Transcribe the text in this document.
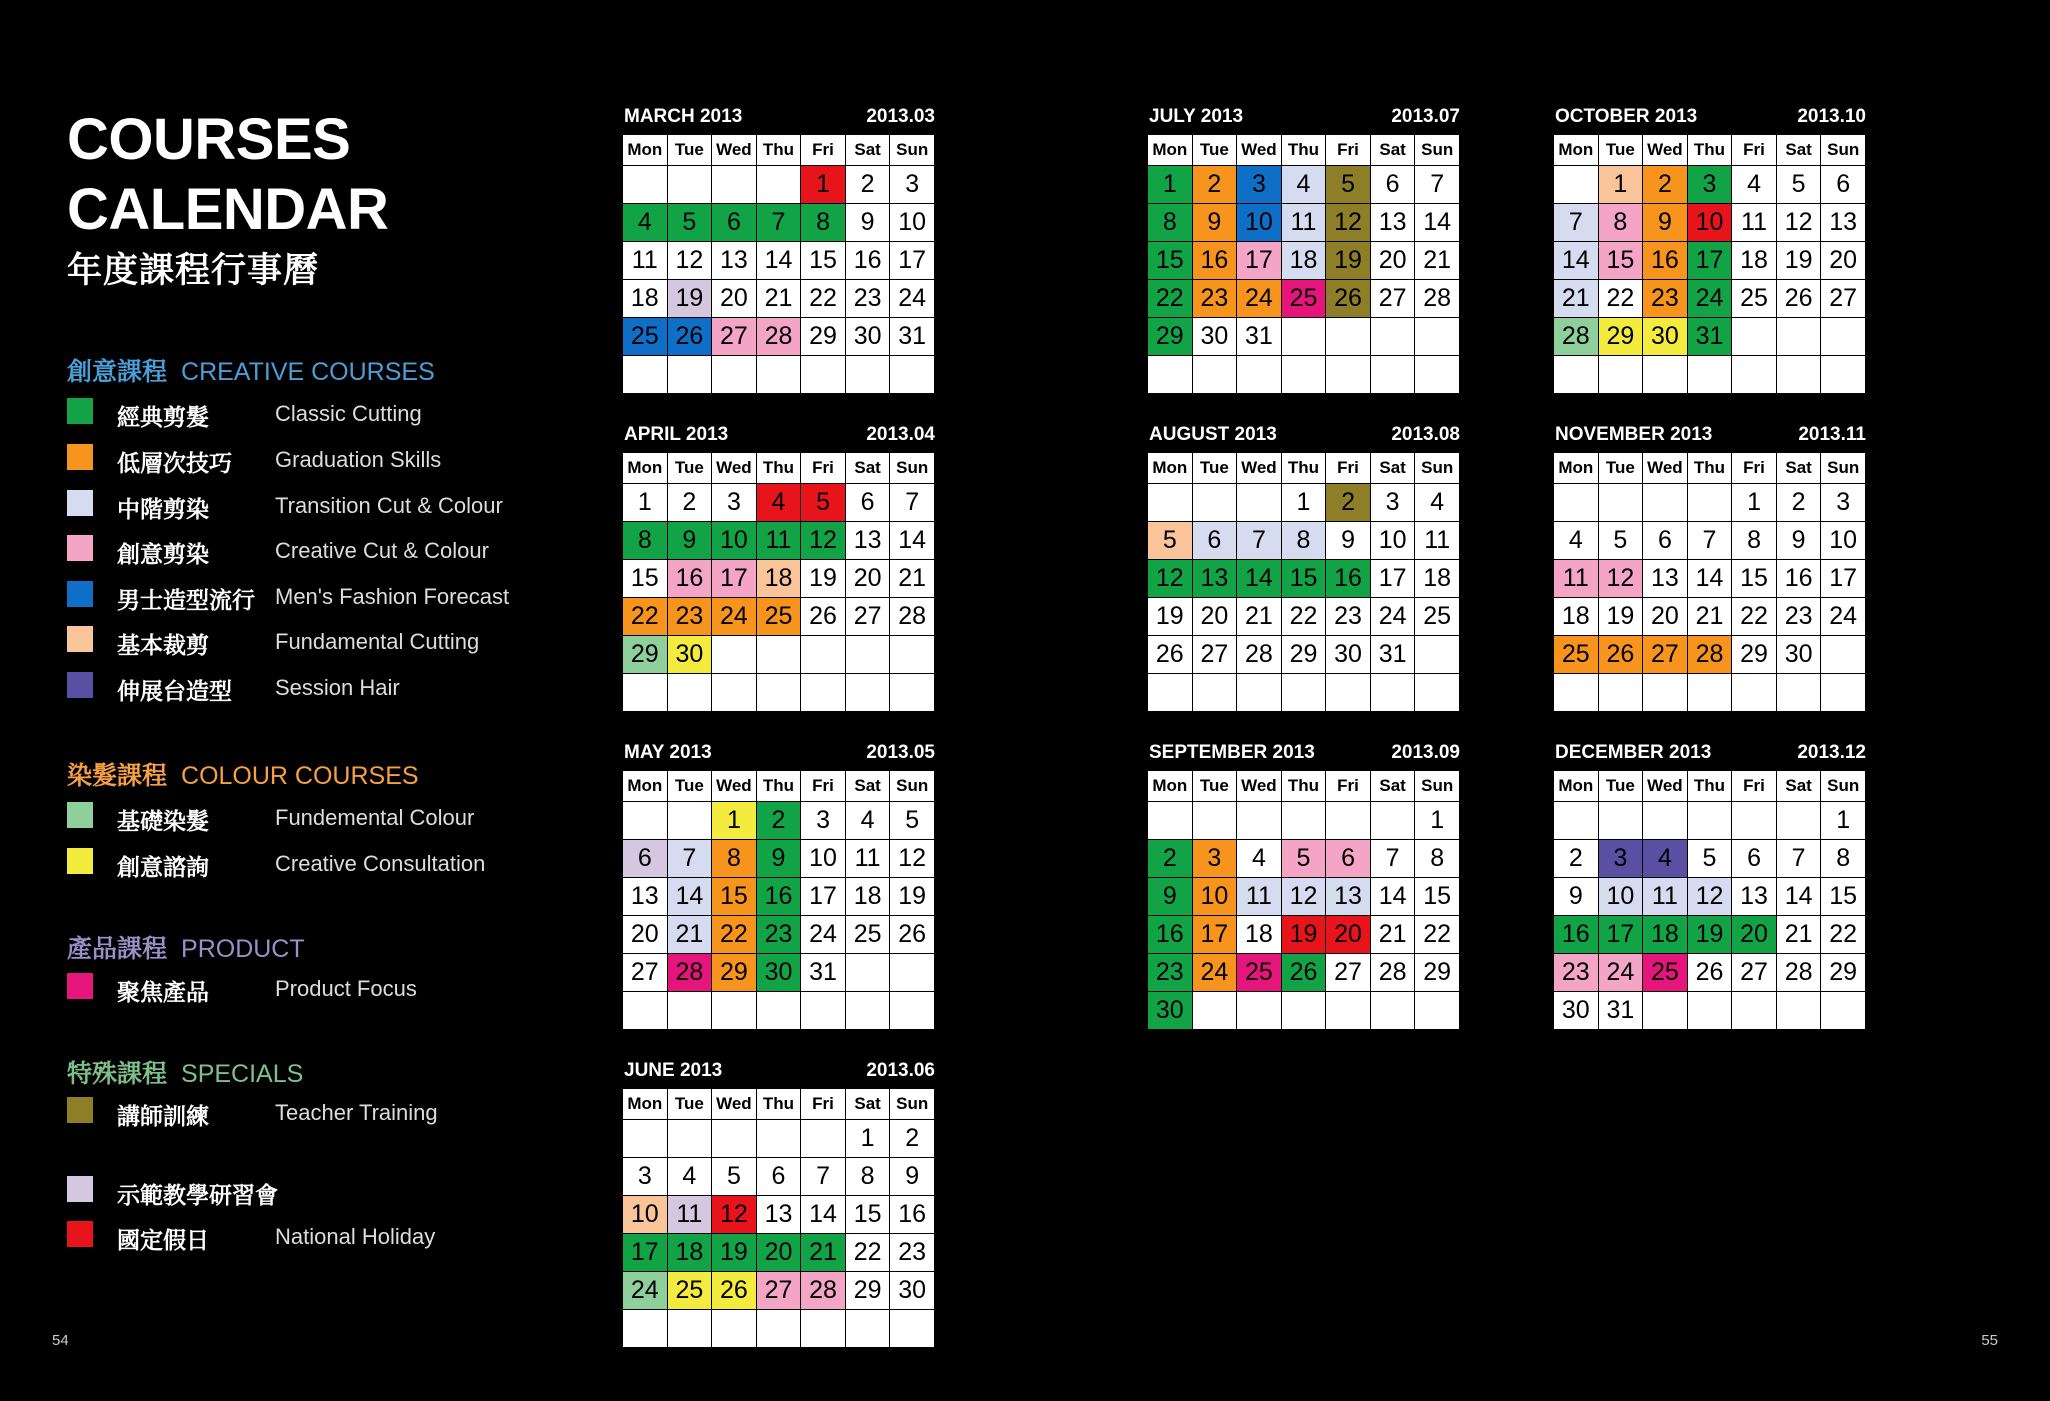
COURSES
CALENDAR
年度課程行事曆
創意課程 CREATIVE COURSES
經典剪髮	Classic Cutting
低層次技巧 Graduation Skills
中階剪染	Transition Cut & Colour
創意剪染	Creative Cut & Colour
男士造型流行 Men's Fashion Forecast
基本裁剪	Fundamental Cutting
伸展台造型 Session Hair
染髮課程 COLOUR COURSES
基礎染髮	Fundemental Colour
創意諮詢	Creative Consultation
產品課程 PRODUCT
聚焦產品	Product Focus
特殊課程 SPECIALS
講師訓練	Teacher Training
示範教學研習會
國定假日	National Holiday
MARCH 2013	2013.03
Mon	Tue	Wed	Thu	Fri	Sat	Sun
				1	2	3
4	5	6	7	8	9	10
11	12	13	14	15	16	17
18	19	20	21	22	23	24
25	26	27	28	29	30	31

APRIL 2013	2013.04
Mon	Tue	Wed	Thu	Fri	Sat	Sun
1	2	3	4	5	6	7
8	9	10	11	12	13	14
15	16	17	18	19	20	21
22	23	24	25	26	27	28
29	30					

MAY 2013	2013.05
Mon	Tue	Wed	Thu	Fri	Sat	Sun
		1	2	3	4	5
6	7	8	9	10	11	12
13	14	15	16	17	18	19
20	21	22	23	24	25	26
27	28	29	30	31		

JUNE 2013	2013.06
Mon	Tue	Wed	Thu	Fri	Sat	Sun
					1	2
3	4	5	6	7	8	9
10	11	12	13	14	15	16
17	18	19	20	21	22	23
24	25	26	27	28	29	30

JULY 2013	2013.07
Mon	Tue	Wed	Thu	Fri	Sat	Sun
1	2	3	4	5	6	7
8	9	10	11	12	13	14
15	16	17	18	19	20	21
22	23	24	25	26	27	28
29	30	31				

AUGUST 2013	2013.08
Mon	Tue	Wed	Thu	Fri	Sat	Sun
			1	2	3	4
5	6	7	8	9	10	11
12	13	14	15	16	17	18
19	20	21	22	23	24	25
26	27	28	29	30	31	

SEPTEMBER 2013	2013.09
Mon	Tue	Wed	Thu	Fri	Sat	Sun
						1
2	3	4	5	6	7	8
9	10	11	12	13	14	15
16	17	18	19	20	21	22
23	24	25	26	27	28	29
30						
OCTOBER 2013	2013.10
Mon	Tue	Wed	Thu	Fri	Sat	Sun
	1	2	3	4	5	6
7	8	9	10	11	12	13
14	15	16	17	18	19	20
21	22	23	24	25	26	27
28	29	30	31			

NOVEMBER 2013	2013.11
Mon	Tue	Wed	Thu	Fri	Sat	Sun
				1	2	3
4	5	6	7	8	9	10
11	12	13	14	15	16	17
18	19	20	21	22	23	24
25	26	27	28	29	30	

DECEMBER 2013	2013.12
Mon	Tue	Wed	Thu	Fri	Sat	Sun
						1
2	3	4	5	6	7	8
9	10	11	12	13	14	15
16	17	18	19	20	21	22
23	24	25	26	27	28	29
30	31					
54	55
